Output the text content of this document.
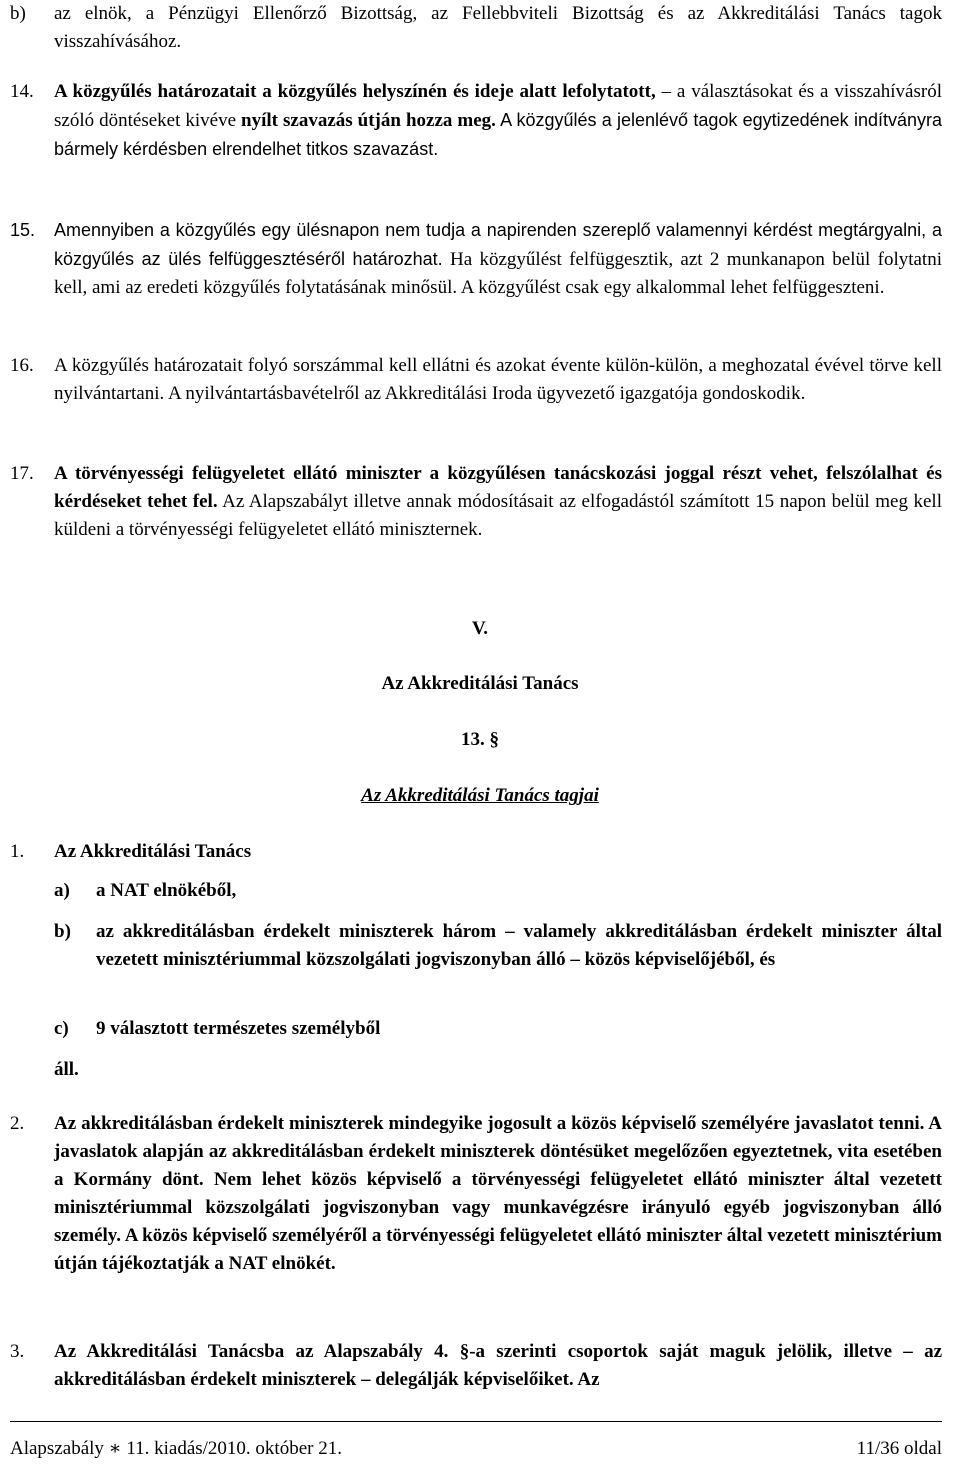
b) az elnök, a Pénzügyi Ellenőrző Bizottság, az Fellebbviteli Bizottság és az Akkreditálási Tanács tagok visszahívásához.
14. A közgyűlés határozatait a közgyűlés helyszínén és ideje alatt lefolytatott, – a választásokat és a visszahívásról szóló döntéseket kivéve nyílt szavazás útján hozza meg. A közgyűlés a jelenlévő tagok egytizedének indítványra bármely kérdésben elrendelhet titkos szavazást.
15. Amennyiben a közgyűlés egy ülésnapon nem tudja a napirenden szereplő valamennyi kérdést megtárgyalni, a közgyűlés az ülés felfüggesztéséről határozhat. Ha közgyűlést felfüggesztik, azt 2 munkanapon belül folytatni kell, ami az eredeti közgyűlés folytatásának minősül. A közgyűlést csak egy alkalommal lehet felfüggeszteni.
16. A közgyűlés határozatait folyó sorszámmal kell ellátni és azokat évente külön-külön, a meghozatal évével törve kell nyilvántartani. A nyilvántartásbavételről az Akkreditálási Iroda ügyvezető igazgatója gondoskodik.
17. A törvényességi felügyeletet ellátó miniszter a közgyűlésen tanácskozási joggal részt vehet, felszólalhat és kérdéseket tehet fel. Az Alapszabályt illetve annak módosításait az elfogadástól számított 15 napon belül meg kell küldeni a törvényességi felügyeletet ellátó miniszternek.
V.
Az Akkreditálási Tanács
13. §
Az Akkreditálási Tanács tagjai
1. Az Akkreditálási Tanács
a) a NAT elnökéből,
b) az akkreditálásban érdekelt miniszterek három – valamely akkreditálásban érdekelt miniszter által vezetett minisztériummal közszolgálati jogviszonyban álló – közös képviselőjéből, és
c) 9 választott természetes személyből
áll.
2. Az akkreditálásban érdekelt miniszterek mindegyike jogosult a közös képviselő személyére javaslatot tenni. A javaslatok alapján az akkreditálásban érdekelt miniszterek döntésüket megelőzően egyeztetnek, vita esetében a Kormány dönt. Nem lehet közös képviselő a törvényességi felügyeletet ellátó miniszter által vezetett minisztériummal közszolgálati jogviszonyban vagy munkavégzésre irányuló egyéb jogviszonyban álló személy. A közös képviselő személyéről a törvényességi felügyeletet ellátó miniszter által vezetett minisztérium útján tájékoztatják a NAT elnökét.
3. Az Akkreditálási Tanácsba az Alapszabály 4. §-a szerinti csoportok saját maguk jelölik, illetve – az akkreditálásban érdekelt miniszterek – delegálják képviselőiket. Az
Alapszabály ∗ 11. kiadás/2010. október 21.	11/36 oldal
